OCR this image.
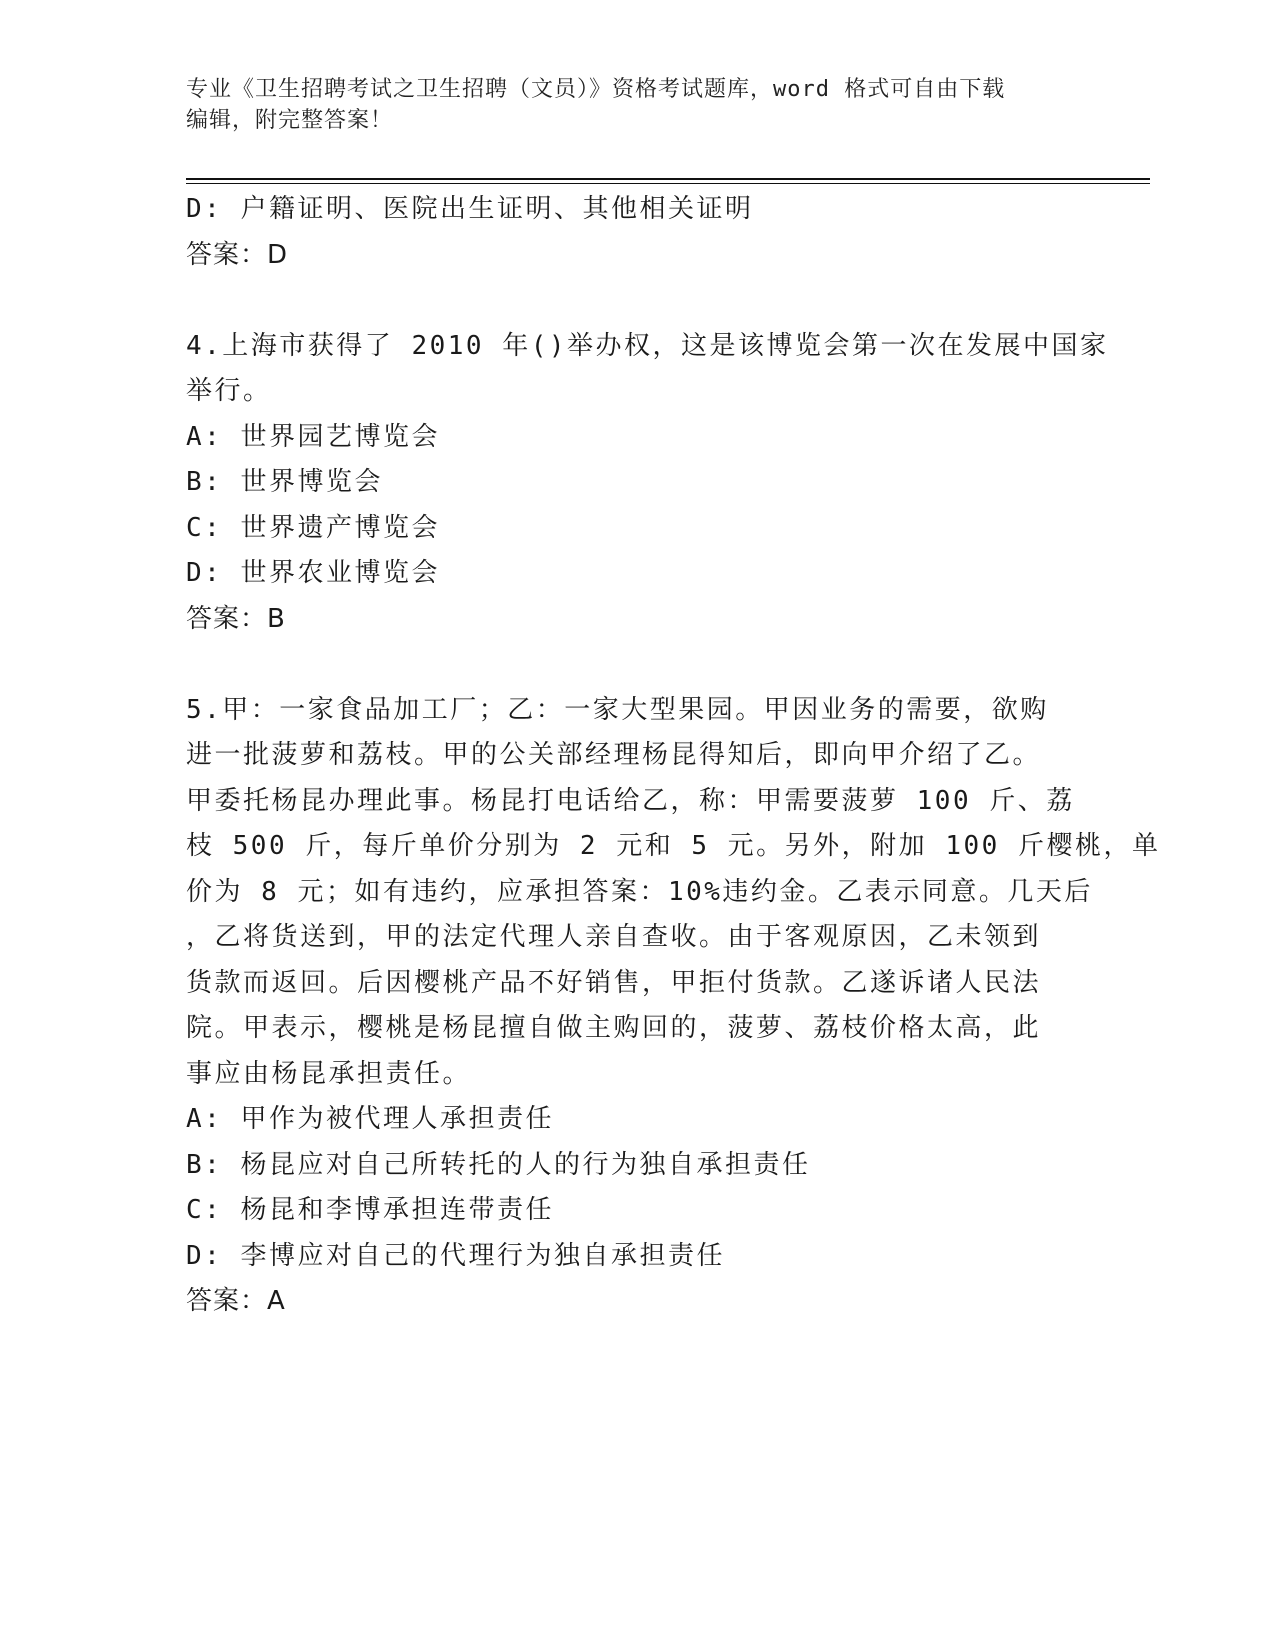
专业《卫生招聘考试之卫生招聘（文员）》资格考试题库，word 格式可自由下载
编辑，附完整答案！
D: 户籍证明、医院出生证明、其他相关证明
答案：D
4.上海市获得了 2010 年()举办权，这是该博览会第一次在发展中国家
举行。
A: 世界园艺博览会
B: 世界博览会
C: 世界遗产博览会
D: 世界农业博览会
答案：B
5.甲：一家食品加工厂；乙：一家大型果园。甲因业务的需要，欲购
进一批菠萝和荔枝。甲的公关部经理杨昆得知后，即向甲介绍了乙。
甲委托杨昆办理此事。杨昆打电话给乙，称：甲需要菠萝 100 斤、荔
枝 500 斤，每斤单价分别为 2 元和 5 元。另外，附加 100 斤樱桃，单
价为 8 元；如有违约，应承担答案：10%违约金。乙表示同意。几天后
，乙将货送到，甲的法定代理人亲自查收。由于客观原因，乙未领到
货款而返回。后因樱桃产品不好销售，甲拒付货款。乙遂诉诸人民法
院。甲表示，樱桃是杨昆擅自做主购回的，菠萝、荔枝价格太高，此
事应由杨昆承担责任。
A: 甲作为被代理人承担责任
B: 杨昆应对自己所转托的人的行为独自承担责任
C: 杨昆和李博承担连带责任
D: 李博应对自己的代理行为独自承担责任
答案：A
